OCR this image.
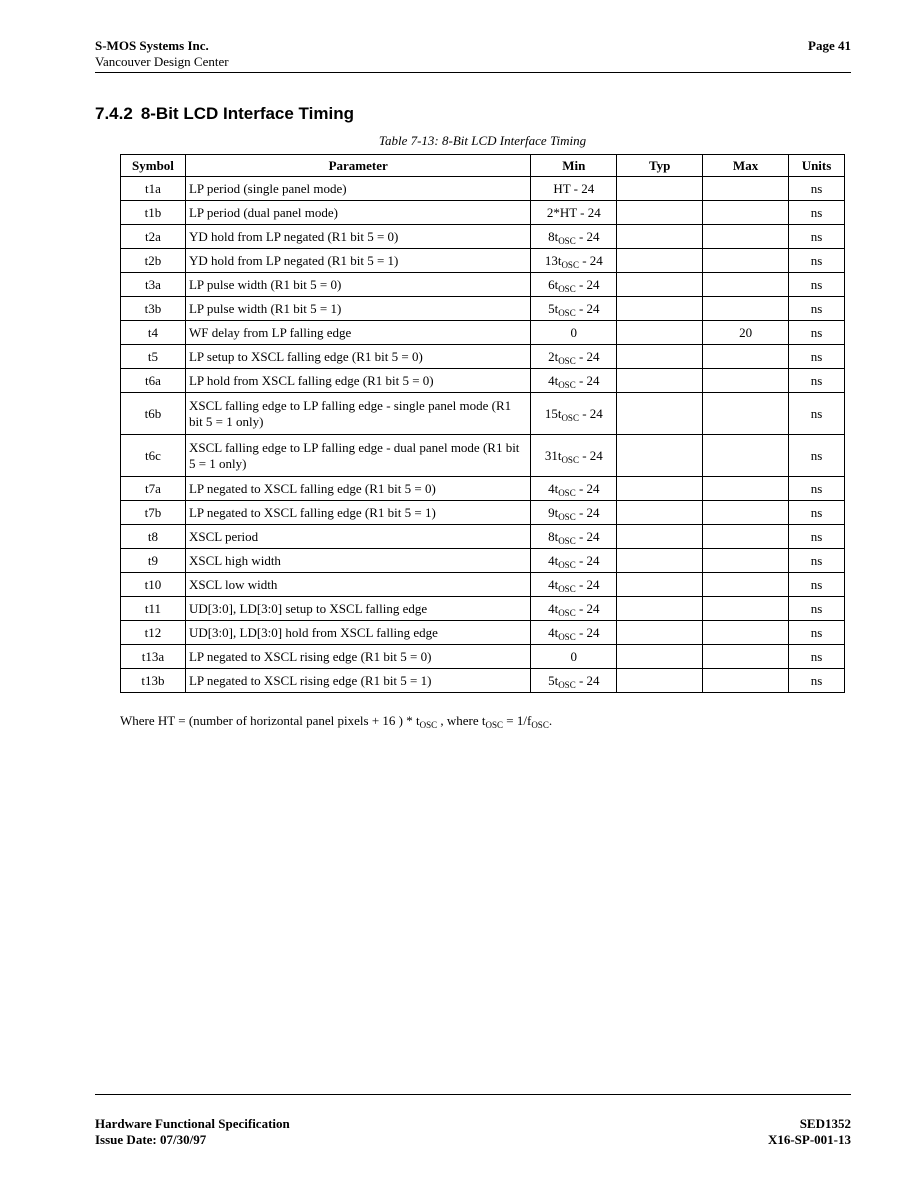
S-MOS Systems Inc.
Vancouver Design Center
Page 41
7.4.2 8-Bit LCD Interface Timing
Table 7-13: 8-Bit LCD Interface Timing
Symbol	Parameter	Min	Typ	Max	Units
t1a	LP period (single panel mode)	HT - 24			ns
t1b	LP period (dual panel mode)	2*HT - 24			ns
t2a	YD hold from LP negated (R1 bit 5 = 0)	$8t_{OSC} - 24$			ns
t2b	YD hold from LP negated (R1 bit 5 = 1)	$13t_{OSC} - 24$			ns
t3a	LP pulse width (R1 bit 5 = 0)	$6t_{OSC} - 24$			ns
t3b	LP pulse width (R1 bit 5 = 1)	$5t_{OSC} - 24$			ns
t4	WF delay from LP falling edge	0		20	ns
t5	LP setup to XSCL falling edge (R1 bit 5 = 0)	$2t_{OSC} - 24$			ns
t6a	LP hold from XSCL falling edge (R1 bit 5 = 0)	$4t_{OSC} - 24$			ns
t6b	XSCL falling edge to LP falling edge - single panel mode (R1 bit 5 = 1 only)	$15t_{OSC} - 24$			ns
t6c	XSCL falling edge to LP falling edge - dual panel mode (R1 bit 5 = 1 only)	$31t_{OSC} - 24$			ns
t7a	LP negated to XSCL falling edge (R1 bit 5 = 0)	$4t_{OSC} - 24$			ns
t7b	LP negated to XSCL falling edge (R1 bit 5 = 1)	$9t_{OSC} - 24$			ns
t8	XSCL period	$8t_{OSC} - 24$			ns
t9	XSCL high width	$4t_{OSC} - 24$			ns
t10	XSCL low width	$4t_{OSC} - 24$			ns
t11	UD[3:0], LD[3:0] setup to XSCL falling edge	$4t_{OSC} - 24$			ns
t12	UD[3:0], LD[3:0] hold from XSCL falling edge	$4t_{OSC} - 24$			ns
t13a	LP negated to XSCL rising edge (R1 bit 5 = 0)	0			ns
t13b	LP negated to XSCL rising edge (R1 bit 5 = 1)	$5t_{OSC} - 24$			ns
Where HT = (number of horizontal panel pixels + 16 ) * $t_{OSC}$ , where $t_{OSC} = 1/f_{OSC}$.
Hardware Functional Specification
Issue Date: 07/30/97
SED1352
X16-SP-001-13
